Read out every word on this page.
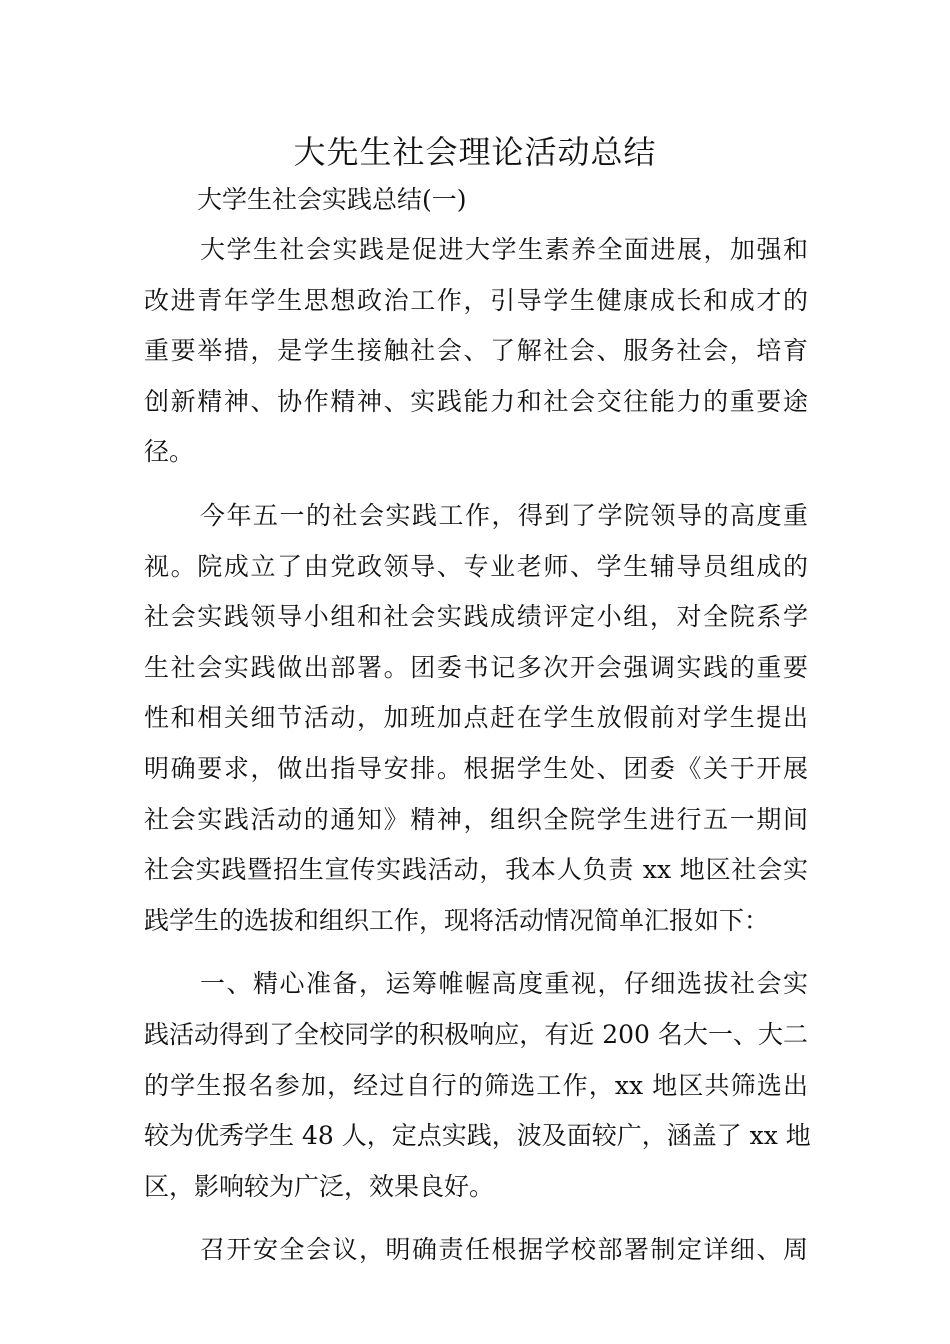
大先生社会理论活动总结

大学生社会实践总结(一)

大学生社会实践是促进大学生素养全面进展，加强和
改进青年学生思想政治工作，引导学生健康成长和成才的
重要举措，是学生接触社会、了解社会、服务社会，培育
创新精神、协作精神、实践能力和社会交往能力的重要途
径。

今年五一的社会实践工作，得到了学院领导的高度重
视。院成立了由党政领导、专业老师、学生辅导员组成的
社会实践领导小组和社会实践成绩评定小组，对全院系学
生社会实践做出部署。团委书记多次开会强调实践的重要
性和相关细节活动，加班加点赶在学生放假前对学生提出
明确要求，做出指导安排。根据学生处、团委《关于开展
社会实践活动的通知》精神，组织全院学生进行五一期间
社会实践暨招生宣传实践活动，我本人负责 xx 地区社会实
践学生的选拔和组织工作，现将活动情况简单汇报如下：

一、精心准备，运筹帷幄高度重视，仔细选拔社会实
践活动得到了全校同学的积极响应，有近 200 名大一、大二
的学生报名参加，经过自行的筛选工作，xx 地区共筛选出
较为优秀学生 48 人，定点实践，波及面较广，涵盖了 xx 地
区，影响较为广泛，效果良好。

召开安全会议，明确责任根据学校部署制定详细、周
